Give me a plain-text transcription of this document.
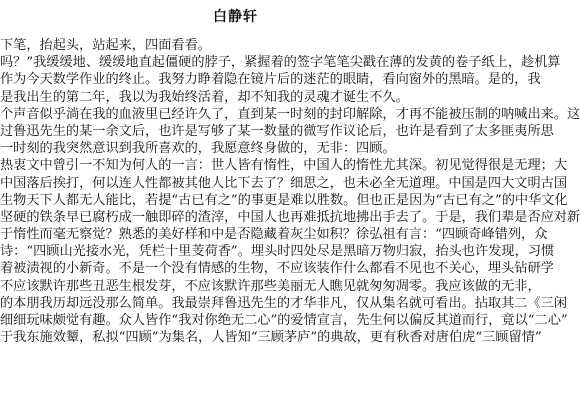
白静轩
下笔，抬起头，站起来，四面看看。
吗？”我缓缓地、缓缓地直起僵硬的脖子，紧握着的签字笔笔尖戳在薄的发黄的卷子纸上，趁机算
作为今天数学作业的终止。我努力睁着隐在镜片后的迷茫的眼睛，看向窗外的黑暗。是的，我
是我出生的第二年，我以为我始终活着，却不知我的灵魂才诞生不久。
个声音似乎淌在我的血液里已经许久了，直到某一时刻的封印解除，才再不能被压制的呐喊出来。这
过鲁迅先生的某一余文后，也许是写够了某一数量的微写作议论后，也许是看到了太多匪夷所思
一时刻的我突然意识到我所喜欢的，我愿意终身做的，无非：四顾。
热衷文中曾引一不知为何人的一言：世人皆有惰性，中国人的惰性尤其深。初见觉得很是无理；大
中国落后挨打，何以连人性都被其他人比下去了？细思之，也未必全无道理。中国是四大文明古国
生物天下人都无人能比，若提“古已有之”的事更是难以胜数。但也正是因为“古已有之”的中华文化
坚硬的铁条早已腐朽成一触即碎的渣滓，中国人也再难抵抗地拂出手去了。于是，我们辈是否应对新
于惰性而毫无察觉？熟悉的美好样和中是否隐藏着灰尘如积？徐弘祖有言：“四顾奇峰错列，众
诗：“四顾山光接水光，凭栏十里芰荷香”。埋头时四处尽是黑暗万物归寂，抬头也许发现，习惯
着被渍视的小新奇。不是一个没有情感的生物，不应该装作什么都看不见也不关心，埋头钻研学
不应该默许那些丑恶生根发芽，不应该默许那些美丽无人瞧见就匆匆凋零。我应该做的无非，
的本朋我历却远没那么简单。我最崇拜鲁迅先生的才华非凡，仅从集名就可看出。拈取其二《三闲
细细玩味颇觉有趣。众人皆作“我对你绝无二心”的爱情宣言，先生何以偏反其道而行，竟以“二心”
于我东施效颦，私拟“四顾”为集名，人皆知“三顾茅庐”的典故，更有秋香对唐伯虎“三顾留情”
